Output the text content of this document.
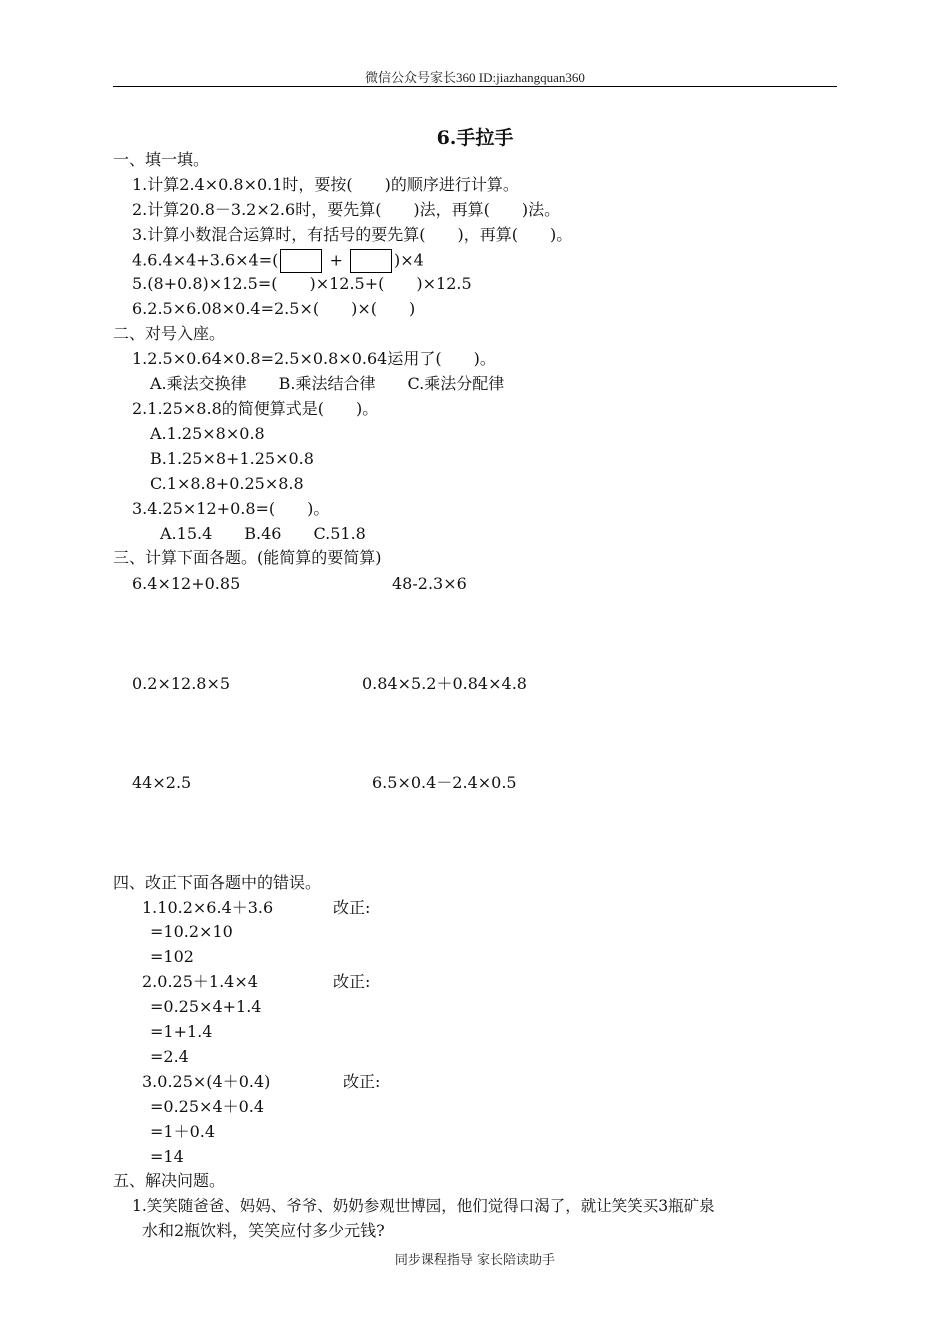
微信公众号家长360 ID:jiazhangquan360
6.手拉手
一、填一填。
1.计算2.4×0.8×0.1时，要按(　　)的顺序进行计算。
2.计算20.8－3.2×2.6时，要先算(　　)法，再算(　　)法。
3.计算小数混合运算时，有括号的要先算(　　)，再算(　　)。
4.6.4×4+3.6×4=(	+	)×4
5.(8+0.8)×12.5=(　　)×12.5+(　　)×12.5
6.2.5×6.08×0.4=2.5×(　　)×(　　)
二、对号入座。
1.2.5×0.64×0.8=2.5×0.8×0.64运用了(　　)。
A.乘法交换律　　B.乘法结合律　　C.乘法分配律
2.1.25×8.8的简便算式是(　　)。
A.1.25×8×0.8
B.1.25×8+1.25×0.8
C.1×8.8+0.25×8.8
3.4.25×12+0.8=(　　)。
A.15.4　　B.46　　C.51.8
三、计算下面各题。(能简算的要简算)
6.4×12+0.85	48-2.3×6
0.2×12.8×5	0.84×5.2＋0.84×4.8
44×2.5	6.5×0.4－2.4×0.5
四、改正下面各题中的错误。
1.10.2×6.4＋3.6	改正:
=10.2×10
=102
2.0.25＋1.4×4	改正:
=0.25×4+1.4
=1+1.4
=2.4
3.0.25×(4＋0.4)	改正:
=0.25×4＋0.4
=1＋0.4
=14
五、解决问题。
1.笑笑随爸爸、妈妈、爷爷、奶奶参观世博园，他们觉得口渴了，就让笑笑买3瓶矿泉
水和2瓶饮料，笑笑应付多少元钱?
同步课程指导 家长陪读助手
